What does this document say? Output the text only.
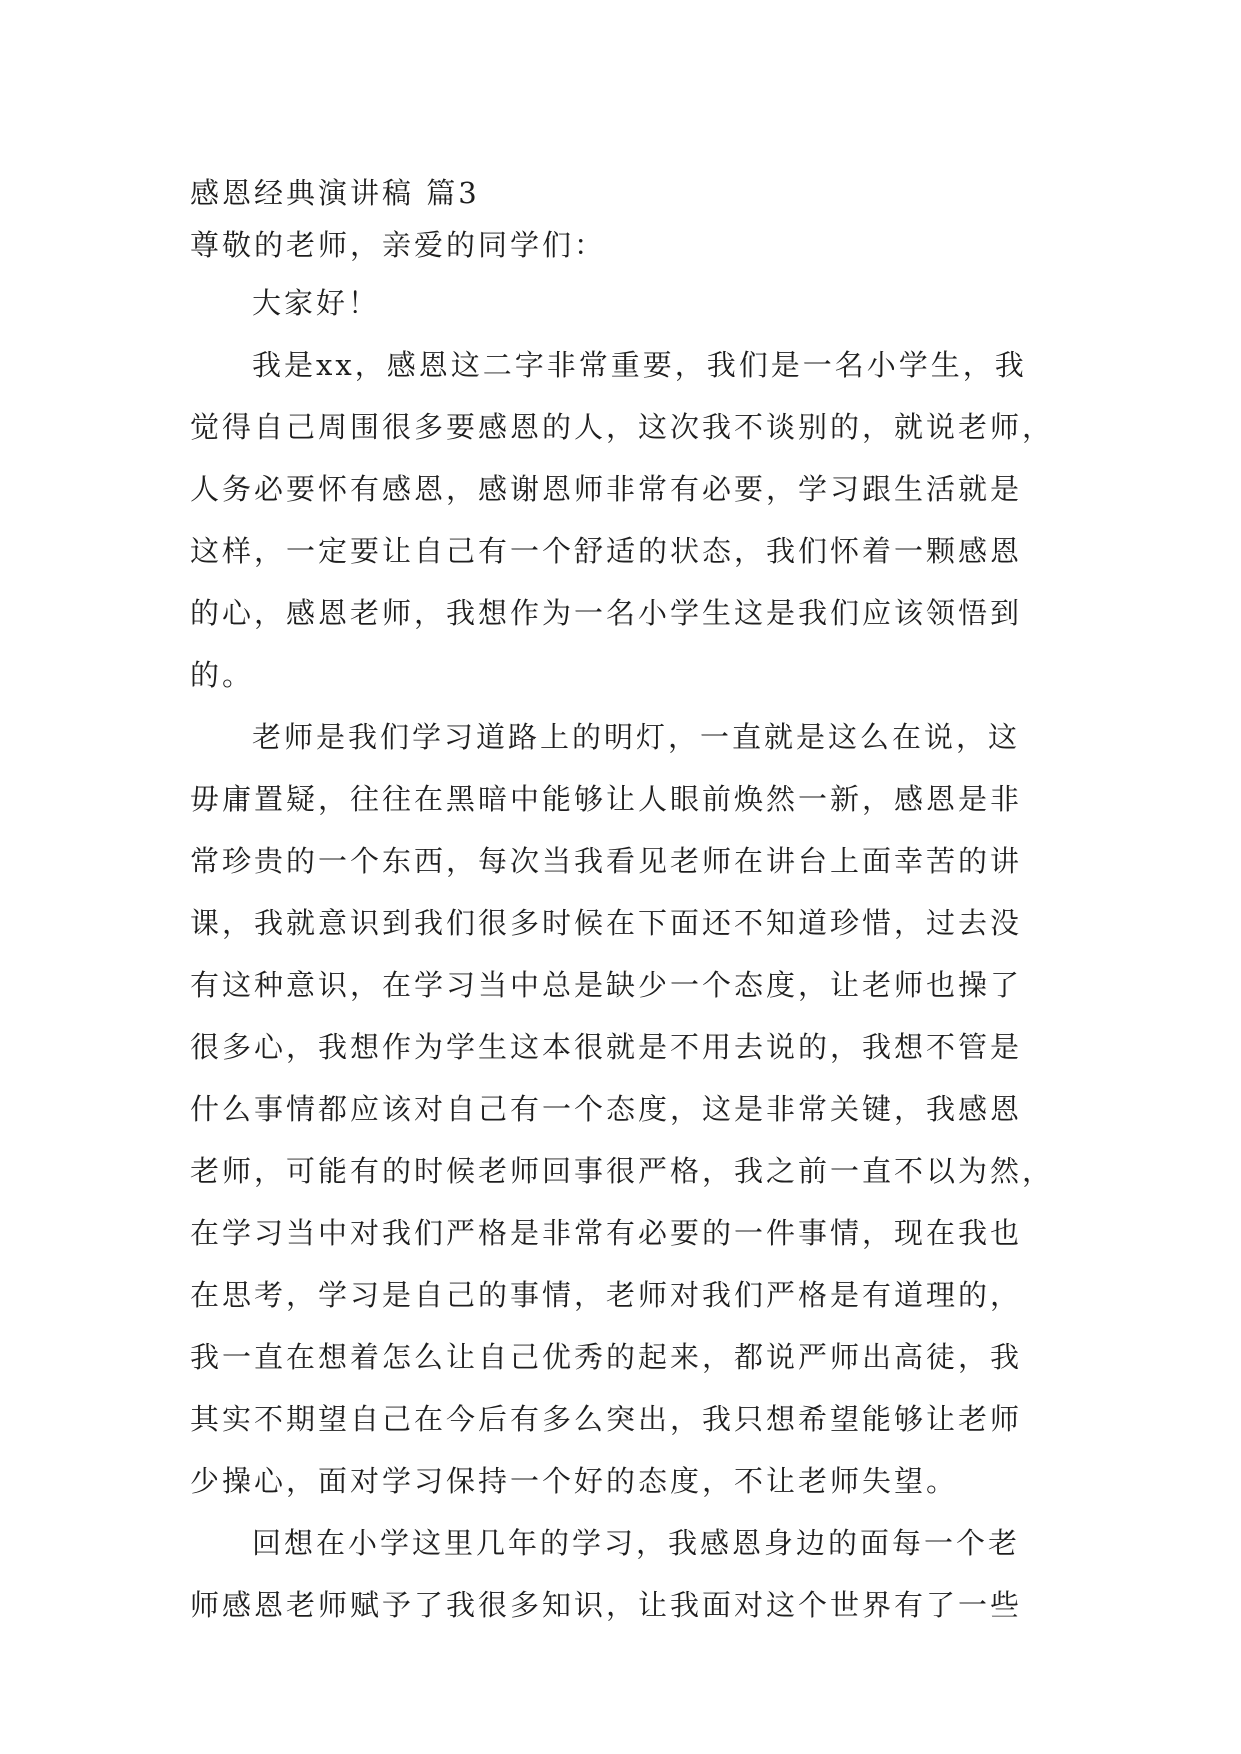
感恩经典演讲稿 篇3
尊敬的老师，亲爱的同学们：
大家好！
我是xx，感恩这二字非常重要，我们是一名小学生，我
觉得自己周围很多要感恩的人，这次我不谈别的，就说老师，
人务必要怀有感恩，感谢恩师非常有必要，学习跟生活就是
这样，一定要让自己有一个舒适的状态，我们怀着一颗感恩
的心，感恩老师，我想作为一名小学生这是我们应该领悟到
的。
老师是我们学习道路上的明灯，一直就是这么在说，这
毋庸置疑，往往在黑暗中能够让人眼前焕然一新，感恩是非
常珍贵的一个东西，每次当我看见老师在讲台上面幸苦的讲
课，我就意识到我们很多时候在下面还不知道珍惜，过去没
有这种意识，在学习当中总是缺少一个态度，让老师也操了
很多心，我想作为学生这本很就是不用去说的，我想不管是
什么事情都应该对自己有一个态度，这是非常关键，我感恩
老师，可能有的时候老师回事很严格，我之前一直不以为然，
在学习当中对我们严格是非常有必要的一件事情，现在我也
在思考，学习是自己的事情，老师对我们严格是有道理的，
我一直在想着怎么让自己优秀的起来，都说严师出高徒，我
其实不期望自己在今后有多么突出，我只想希望能够让老师
少操心，面对学习保持一个好的态度，不让老师失望。
回想在小学这里几年的学习，我感恩身边的面每一个老
师感恩老师赋予了我很多知识，让我面对这个世界有了一些
